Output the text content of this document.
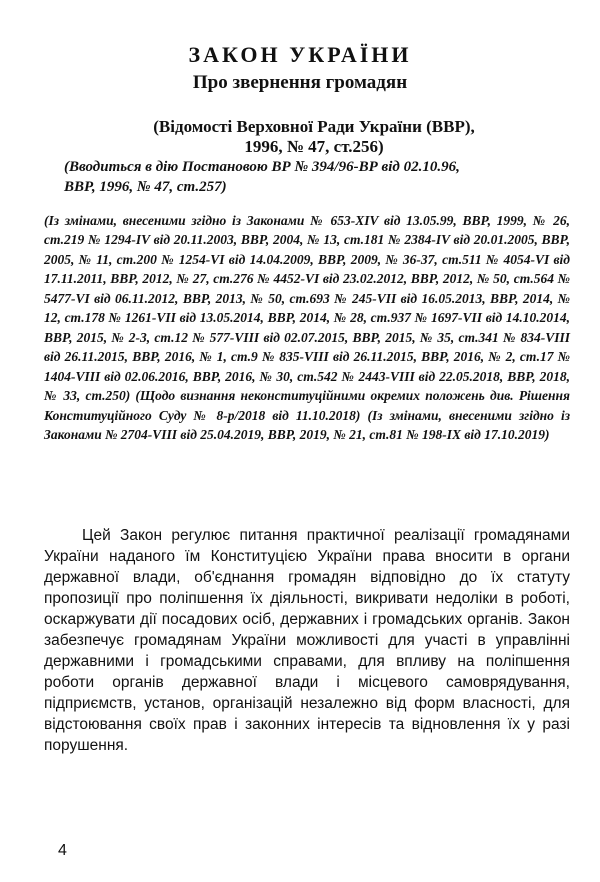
ЗАКОН УКРАЇНИ
Про звернення громадян
(Відомості Верховної Ради України (ВВР),
1996, № 47, ст.256)
(Вводиться в дію Постановою ВР № 394/96-ВР від 02.10.96,
ВВР, 1996, № 47, ст.257)
(Із змінами, внесеними згідно із Законами № 653-XIV від 13.05.99, ВВР, 1999, № 26, ст.219 № 1294-IV від 20.11.2003, ВВР, 2004, № 13, ст.181 № 2384-IV від 20.01.2005, ВВР, 2005, № 11, ст.200 № 1254-VI від 14.04.2009, ВВР, 2009, № 36-37, ст.511 № 4054-VI від 17.11.2011, ВВР, 2012, № 27, ст.276 № 4452-VI від 23.02.2012, ВВР, 2012, № 50, ст.564 № 5477-VI від 06.11.2012, ВВР, 2013, № 50, ст.693 № 245-VII від 16.05.2013, ВВР, 2014, № 12, ст.178 № 1261-VII від 13.05.2014, ВВР, 2014, № 28, ст.937 № 1697-VII від 14.10.2014, ВВР, 2015, № 2-3, ст.12 № 577-VIII від 02.07.2015, ВВР, 2015, № 35, ст.341 № 834-VIII від 26.11.2015, ВВР, 2016, № 1, ст.9 № 835-VIII від 26.11.2015, ВВР, 2016, № 2, ст.17 № 1404-VIII від 02.06.2016, ВВР, 2016, № 30, ст.542 № 2443-VIII від 22.05.2018, ВВР, 2018, № 33, ст.250) (Щодо визнання неконституційними окремих положень див. Рішення Конституційного Суду № 8-р/2018 від 11.10.2018) (Із змінами, внесеними згідно із Законами № 2704-VIII від 25.04.2019, ВВР, 2019, № 21, ст.81 № 198-IX від 17.10.2019)
Цей Закон регулює питання практичної реалізації громадянами України наданого їм Конституцією України права вносити в органи державної влади, об'єднання громадян відповідно до їх статуту пропозиції про поліпшення їх діяльності, викривати недоліки в роботі, оскаржувати дії посадових осіб, державних і громадських органів. Закон забезпечує громадянам України можливості для участі в управлінні державними і громадськими справами, для впливу на поліпшення роботи органів державної влади і місцевого самоврядування, підприємств, установ, організацій незалежно від форм власності, для відстоювання своїх прав і законних інтересів та відновлення їх у разі порушення.
4
